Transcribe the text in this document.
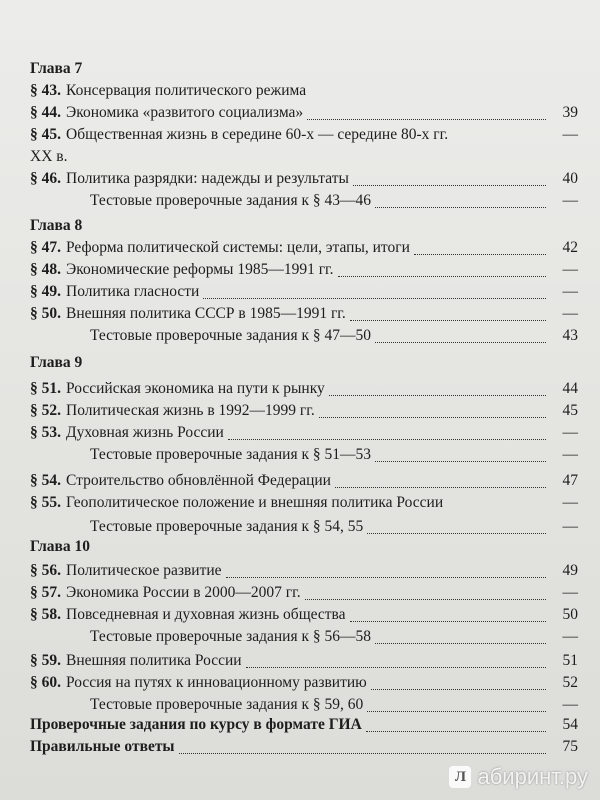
Глава 7
§ 43. Консервация политического режима
§ 44. Экономика «развитого социализма»	39
§ 45. Общественная жизнь в середине 60-х — середине 80-х гг.	—
XX в.
§ 46. Политика разрядки: надежды и результаты	40
Тестовые проверочные задания к § 43—46	—
Глава 8
§ 47. Реформа политической системы: цели, этапы, итоги	42
§ 48. Экономические реформы 1985—1991 гг.	—
§ 49. Политика гласности	—
§ 50. Внешняя политика СССР в 1985—1991 гг.	—
Тестовые проверочные задания к § 47—50	43
Глава 9
§ 51. Российская экономика на пути к рынку	44
§ 52. Политическая жизнь в 1992—1999 гг.	45
§ 53. Духовная жизнь России	—
Тестовые проверочные задания к § 51—53	—
§ 54. Строительство обновлённой Федерации	47
§ 55. Геополитическое положение и внешняя политика России	—
Тестовые проверочные задания к § 54, 55	—
Глава 10
§ 56. Политическое развитие	49
§ 57. Экономика России в 2000—2007 гг.	—
§ 58. Повседневная и духовная жизнь общества	50
Тестовые проверочные задания к § 56—58	—
§ 59. Внешняя политика России	51
§ 60. Россия на путях к инновационному развитию	52
Тестовые проверочные задания к § 59, 60	—
Проверочные задания по курсу в формате ГИА	54
Правильные ответы	75
Л абиринт.ру
